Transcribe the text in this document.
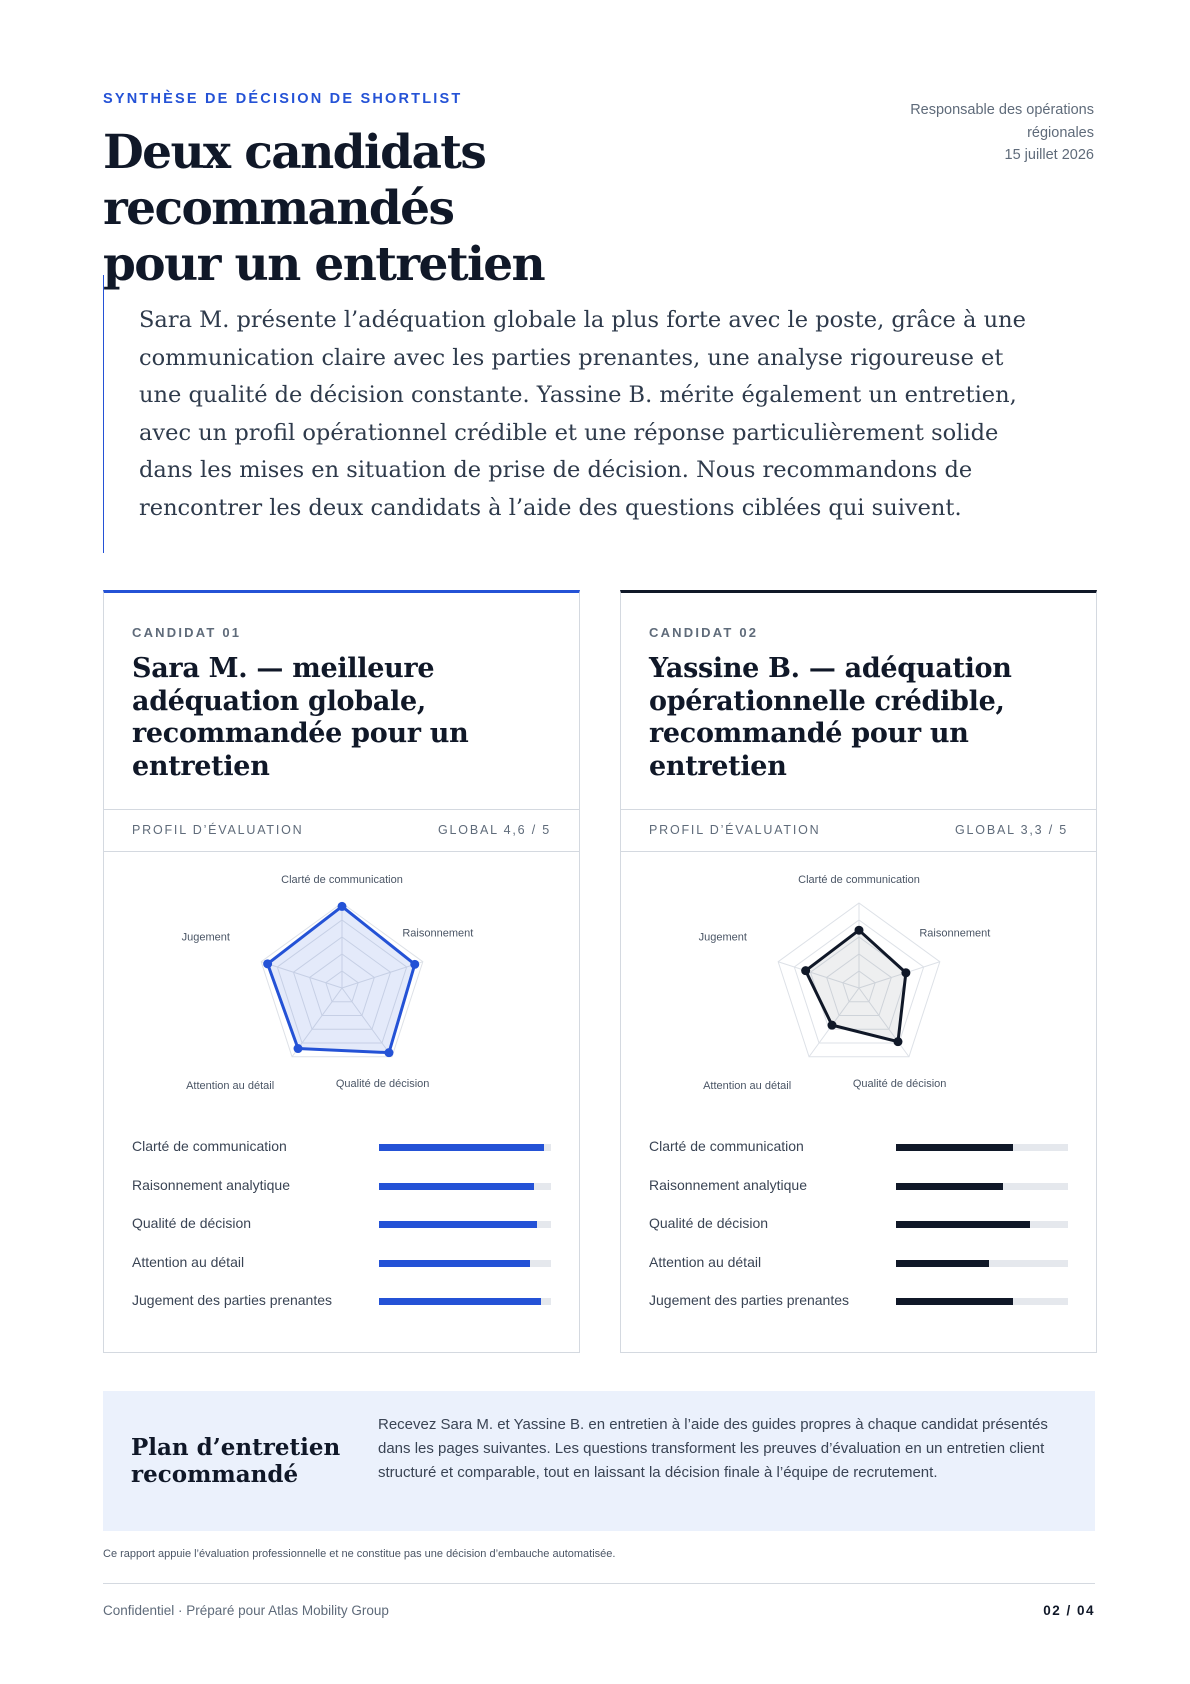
SYNTHÈSE DE DÉCISION DE SHORTLIST
Deux candidats recommandés
pour un entretien
Responsable des opérations
régionales
15 juillet 2026

Sara M. présente l’adéquation globale la plus forte avec le poste, grâce à une communication claire avec les parties prenantes, une analyse rigoureuse et une qualité de décision constante. Yassine B. mérite également un entretien, avec un profil opérationnel crédible et une réponse particulièrement solide dans les mises en situation de prise de décision. Nous recommandons de rencontrer les deux candidats à l’aide des questions ciblées qui suivent.

CANDIDAT 01
Sara M. — meilleure adéquation globale, recommandée pour un entretien
PROFIL D’ÉVALUATION	GLOBAL 4,6 / 5
Clarté de communication
Raisonnement
Qualité de décision
Attention au détail
Jugement
Clarté de communication
Raisonnement analytique
Qualité de décision
Attention au détail
Jugement des parties prenantes
CANDIDAT 02
Yassine B. — adéquation opérationnelle crédible, recommandé pour un entretien
PROFIL D’ÉVALUATION	GLOBAL 3,3 / 5
Clarté de communication
Raisonnement
Qualité de décision
Attention au détail
Jugement
Clarté de communication
Raisonnement analytique
Qualité de décision
Attention au détail
Jugement des parties prenantes
Plan d’entretien recommandé

Recevez Sara M. et Yassine B. en entretien à l’aide des guides propres à chaque candidat présentés dans les pages suivantes. Les questions transforment les preuves d’évaluation en un entretien client structuré et comparable, tout en laissant la décision finale à l’équipe de recrutement.

Ce rapport appuie l’évaluation professionnelle et ne constitue pas une décision d’embauche automatisée.
Confidentiel · Préparé pour Atlas Mobility Group	02 / 04
